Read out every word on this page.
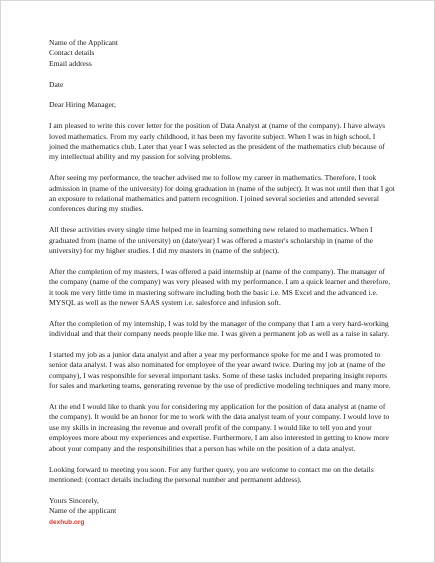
Name of the Applicant
Contact details
Email address

Date

Dear Hiring Manager,

I am pleased to write this cover letter for the position of Data Analyst at (name of the company). I have always loved mathematics. From my early childhood, it has been my favorite subject. When I was in high school, I joined the mathematics club. Later that year I was selected as the president of the mathematics club because of my intellectual ability and my passion for solving problems.

After seeing my performance, the teacher advised me to follow my career in mathematics. Therefore, I took admission in (name of the university) for doing graduation in (name of the subject). It was not until then that I got an exposure to relational mathematics and pattern recognition. I joined several societies and attended several conferences during my studies.

All these activities every single time helped me in learning something new related to mathematics. When I graduated from (name of the university) on (date/year) I was offered a master's scholarship in (name of the university) for my higher studies. I did my masters in (name of the subject).

After the completion of my masters, I was offered a paid internship at (name of the company). The manager of the company (name of the company) was very pleased with my performance. I am a quick learner and therefore, it took me very little time in mastering software including both the basic i.e. MS Excel and the advanced i.e. MYSQL as well as the newer SAAS system i.e. salesforce and infusion soft.

After the completion of my internship, I was told by the manager of the company that I am a very hard-working individual and that their company needs people like me. I was given a permanent job as well as a raise in salary.

I started my job as a junior data analyst and after a year my performance spoke for me and I was promoted to senior data analyst. I was also nominated for employee of the year award twice. During my job at (name of the company), I was responsible for several important tasks. Some of these tasks included preparing insight reports for sales and marketing teams, generating revenue by the use of predictive modeling techniques and many more.

At the end I would like to thank you for considering my application for the position of data analyst at (name of the company). It would be an honor for me to work with the data analyst team of your company. I would love to use my skills in increasing the revenue and overall profit of the company. I would like to tell you and your employees more about my experiences and expertise. Furthermore, I am also interested in getting to know more about your company and the responsibilities that a person has while on the position of a data analyst.

Looking forward to meeting you soon. For any further query, you are welcome to contact me on the details mentioned: (contact details including the personal number and permanent address).

Yours Sincerely,
Name of the applicant

dexhub.org
